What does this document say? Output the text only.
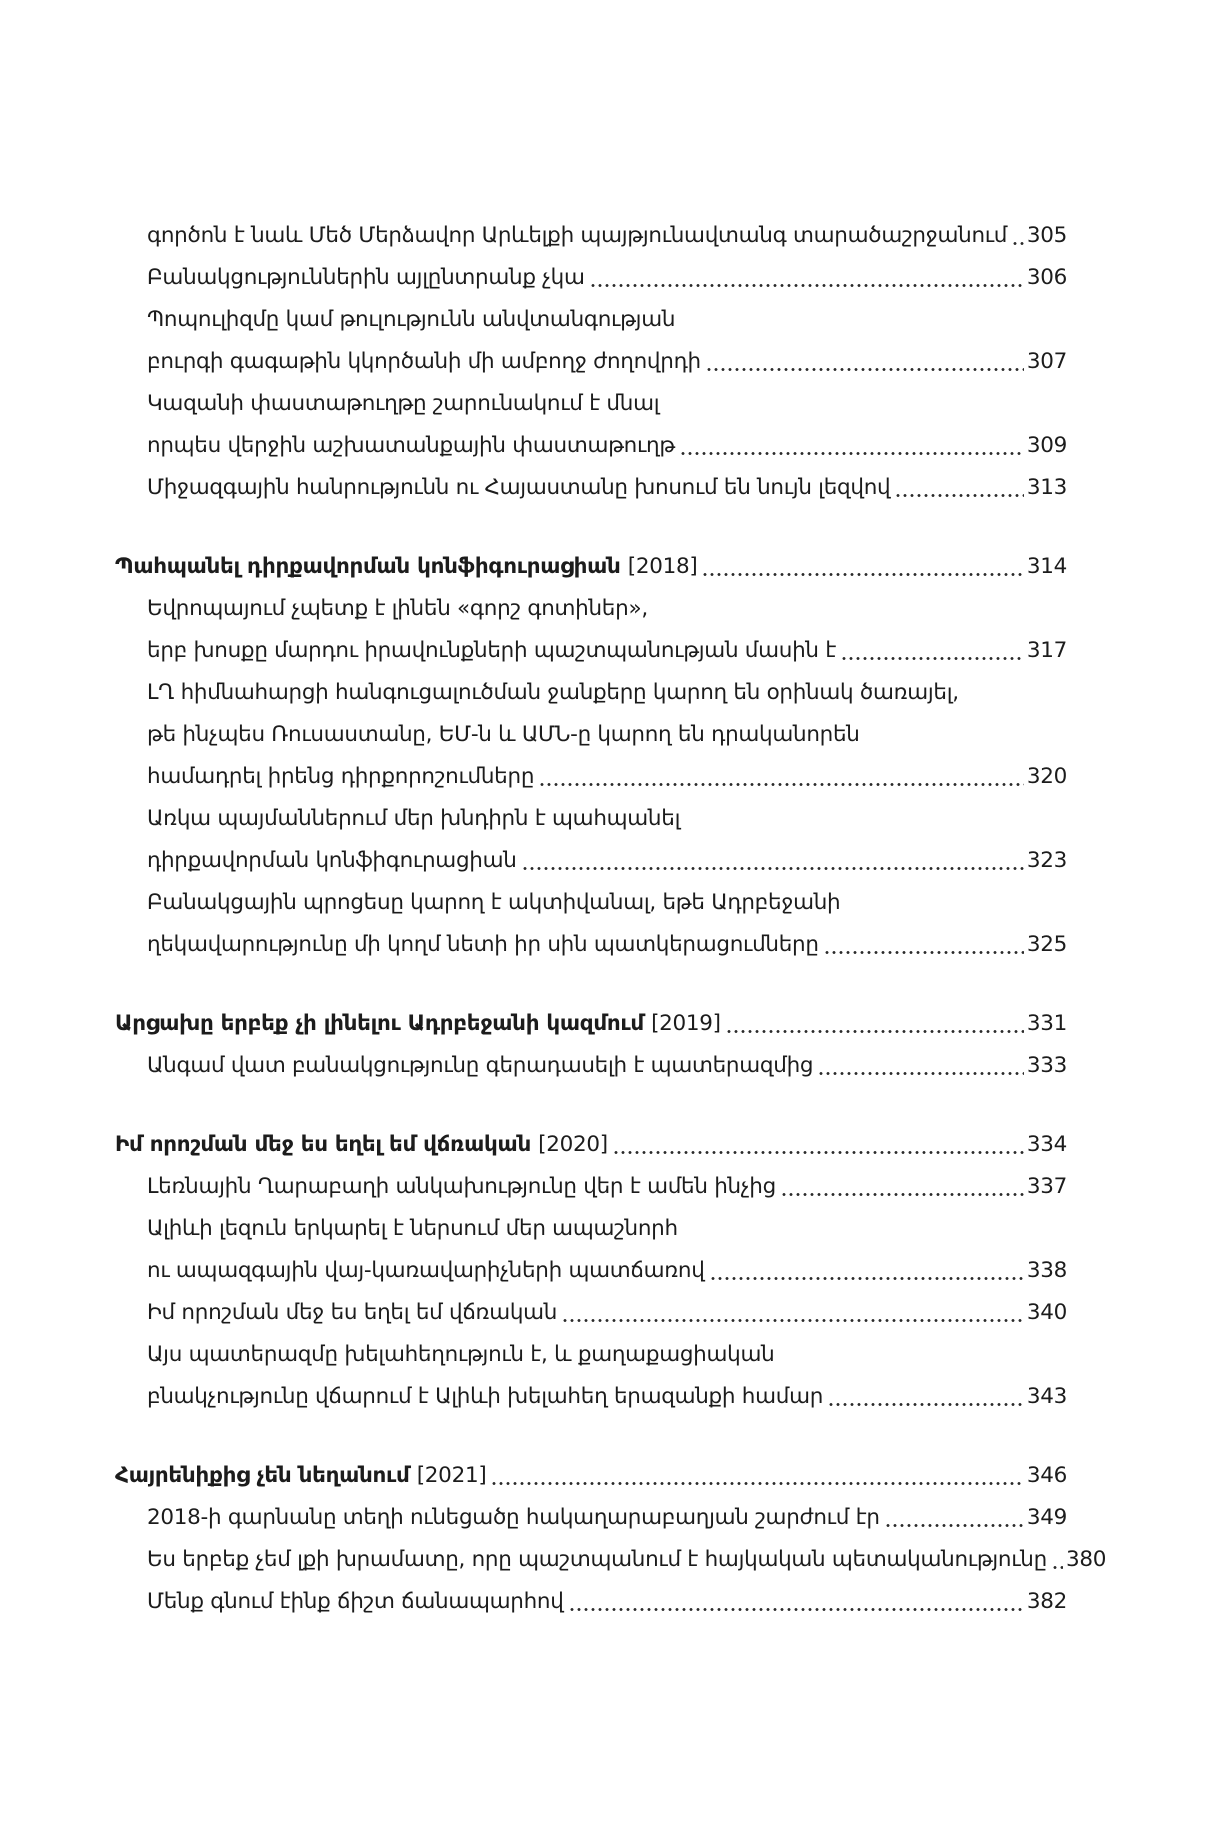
գործոն է նաև Մեծ Մերձավոր Արևելքի պայթյունավտանգ տարածաշրջանում 305
Բանակցություններին այլընտրանք չկա	306
Պոպուլիզմը կամ թուլությունն անվտանգության
բուրգի գագաթին կկործանի մի ամբողջ ժողովրդի	307
Կազանի փաստաթուղթը շարունակում է մնալ
որպես վերջին աշխատանքային փաստաթուղթ	309
Միջազգային հանրությունն ու Հայաստանը խոսում են նույն լեզվով	313
Պահպանել դիրքավորման կոնֆիգուրացիան [2018]	314
Եվրոպայում չպետք է լինեն «գորշ գոտիներ»,
երբ խոսքը մարդու իրավունքների պաշտպանության մասին է	317
ԼՂ հիմնահարցի հանգուցալուծման ջանքերը կարող են օրինակ ծառայել,
թե ինչպես Ռուսաստանը, ԵՄ-ն և ԱՄՆ-ը կարող են դրականորեն
համադրել իրենց դիրքորոշումները	320
Առկա պայմաններում մեր խնդիրն է պահպանել
դիրքավորման կոնֆիգուրացիան	323
Բանակցային պրոցեսը կարող է ակտիվանալ, եթե Ադրբեջանի
ղեկավարությունը մի կողմ նետի իր սին պատկերացումները	325
Արցախը երբեք չի լինելու Ադրբեջանի կազմում [2019]	331
Անգամ վատ բանակցությունը գերադասելի է պատերազմից	333
Իմ որոշման մեջ ես եղել եմ վճռական [2020]	334
Լեռնային Ղարաբաղի անկախությունը վեր է ամեն ինչից	337
Ալիևի լեզուն երկարել է ներսում մեր ապաշնորհ
ու ապազգային վայ-կառավարիչների պատճառով	338
Իմ որոշման մեջ ես եղել եմ վճռական	340
Այս պատերազմը խելահեղություն է, և քաղաքացիական
բնակչությունը վճարում է Ալիևի խելահեղ երազանքի համար	343
Հայրենիքից չեն նեղանում [2021]	346
2018-ի գարնանը տեղի ունեցածը հակաղարաբաղյան շարժում էր	349
Ես երբեք չեմ լքի խրամատը, որը պաշտպանում է հայկական պետականությունը 380
Մենք գնում էինք ճիշտ ճանապարհով	382
